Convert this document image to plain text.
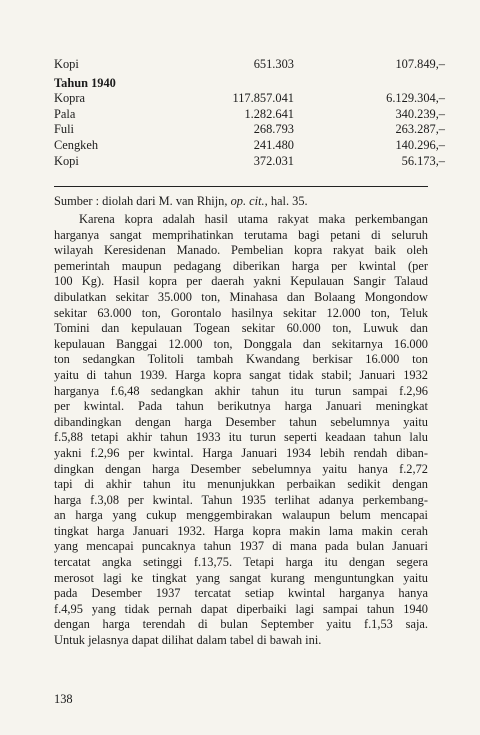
Kopi	651.303	107.849,–
Tahun 1940		
Kopra	117.857.041	6.129.304,–
Pala	1.282.641	340.239,–
Fuli	268.793	263.287,–
Cengkeh	241.480	140.296,–
Kopi	372.031	56.173,–
Sumber : diolah dari M. van Rhijn, op. cit., hal. 35.
Karena kopra adalah hasil utama rakyat maka perkembangan
harganya sangat memprihatinkan terutama bagi petani di seluruh
wilayah Keresidenan Manado. Pembelian kopra rakyat baik oleh
pemerintah maupun pedagang diberikan harga per kwintal (per
100 Kg). Hasil kopra per daerah yakni Kepulauan Sangir Talaud
dibulatkan sekitar 35.000 ton, Minahasa dan Bolaang Mongondow
sekitar 63.000 ton, Gorontalo hasilnya sekitar 12.000 ton, Teluk
Tomini dan kepulauan Togean sekitar 60.000 ton, Luwuk dan
kepulauan Banggai 12.000 ton, Donggala dan sekitarnya 16.000
ton sedangkan Tolitoli tambah Kwandang berkisar 16.000 ton
yaitu di tahun 1939. Harga kopra sangat tidak stabil; Januari 1932
harganya f.6,48 sedangkan akhir tahun itu turun sampai f.2,96
per kwintal. Pada tahun berikutnya harga Januari meningkat
dibandingkan dengan harga Desember tahun sebelumnya yaitu
f.5,88 tetapi akhir tahun 1933 itu turun seperti keadaan tahun lalu
yakni f.2,96 per kwintal. Harga Januari 1934 lebih rendah diban-
dingkan dengan harga Desember sebelumnya yaitu hanya f.2,72
tapi di akhir tahun itu menunjukkan perbaikan sedikit dengan
harga f.3,08 per kwintal. Tahun 1935 terlihat adanya perkembang-
an harga yang cukup menggembirakan walaupun belum mencapai
tingkat harga Januari 1932. Harga kopra makin lama makin cerah
yang mencapai puncaknya tahun 1937 di mana pada bulan Januari
tercatat angka setinggi f.13,75. Tetapi harga itu dengan segera
merosot lagi ke tingkat yang sangat kurang menguntungkan yaitu
pada Desember 1937 tercatat setiap kwintal harganya hanya
f.4,95 yang tidak pernah dapat diperbaiki lagi sampai tahun 1940
dengan harga terendah di bulan September yaitu f.1,53 saja.
Untuk jelasnya dapat dilihat dalam tabel di bawah ini.
138
